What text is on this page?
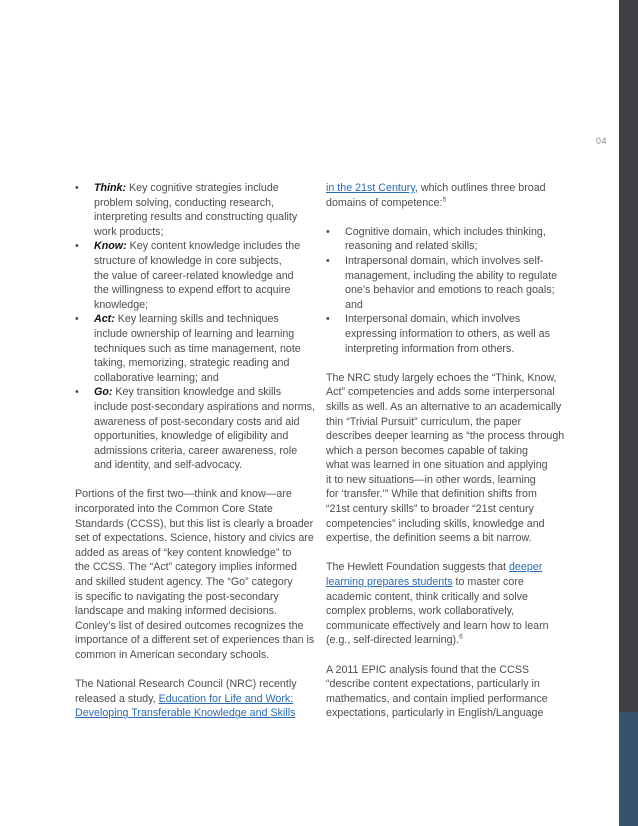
04
• Think: Key cognitive strategies include
problem solving, conducting research,
interpreting results and constructing quality
work products;
• Know: Key content knowledge includes the
structure of knowledge in core subjects,
the value of career-related knowledge and
the willingness to expend effort to acquire
knowledge;
• Act: Key learning skills and techniques
include ownership of learning and learning
techniques such as time management, note
taking, memorizing, strategic reading and
collaborative learning; and
• Go: Key transition knowledge and skills
include post-secondary aspirations and norms,
awareness of post-secondary costs and aid
opportunities, knowledge of eligibility and
admissions criteria, career awareness, role
and identity, and self-advocacy.
Portions of the first two—think and know—are
incorporated into the Common Core State
Standards (CCSS), but this list is clearly a broader
set of expectations. Science, history and civics are
added as areas of “key content knowledge” to
the CCSS. The “Act” category implies informed
and skilled student agency. The “Go” category
is specific to navigating the post-secondary
landscape and making informed decisions.
Conley’s list of desired outcomes recognizes the
importance of a different set of experiences than is
common in American secondary schools.
The National Research Council (NRC) recently
released a study, Education for Life and Work:
Developing Transferable Knowledge and Skills
in the 21st Century, which outlines three broad
domains of competence:$^5$
• Cognitive domain, which includes thinking,
reasoning and related skills;
• Intrapersonal domain, which involves self-
management, including the ability to regulate
one’s behavior and emotions to reach goals;
and
• Interpersonal domain, which involves
expressing information to others, as well as
interpreting information from others.
The NRC study largely echoes the “Think, Know,
Act” competencies and adds some interpersonal
skills as well. As an alternative to an academically
thin “Trivial Pursuit” curriculum, the paper
describes deeper learning as “the process through
which a person becomes capable of taking
what was learned in one situation and applying
it to new situations—in other words, learning
for ‘transfer.’” While that definition shifts from
“21st century skills” to broader “21st century
competencies” including skills, knowledge and
expertise, the definition seems a bit narrow.
The Hewlett Foundation suggests that deeper
learning prepares students to master core
academic content, think critically and solve
complex problems, work collaboratively,
communicate effectively and learn how to learn
(e.g., self-directed learning).$^6$
A 2011 EPIC analysis found that the CCSS
“describe content expectations, particularly in
mathematics, and contain implied performance
expectations, particularly in English/Language
